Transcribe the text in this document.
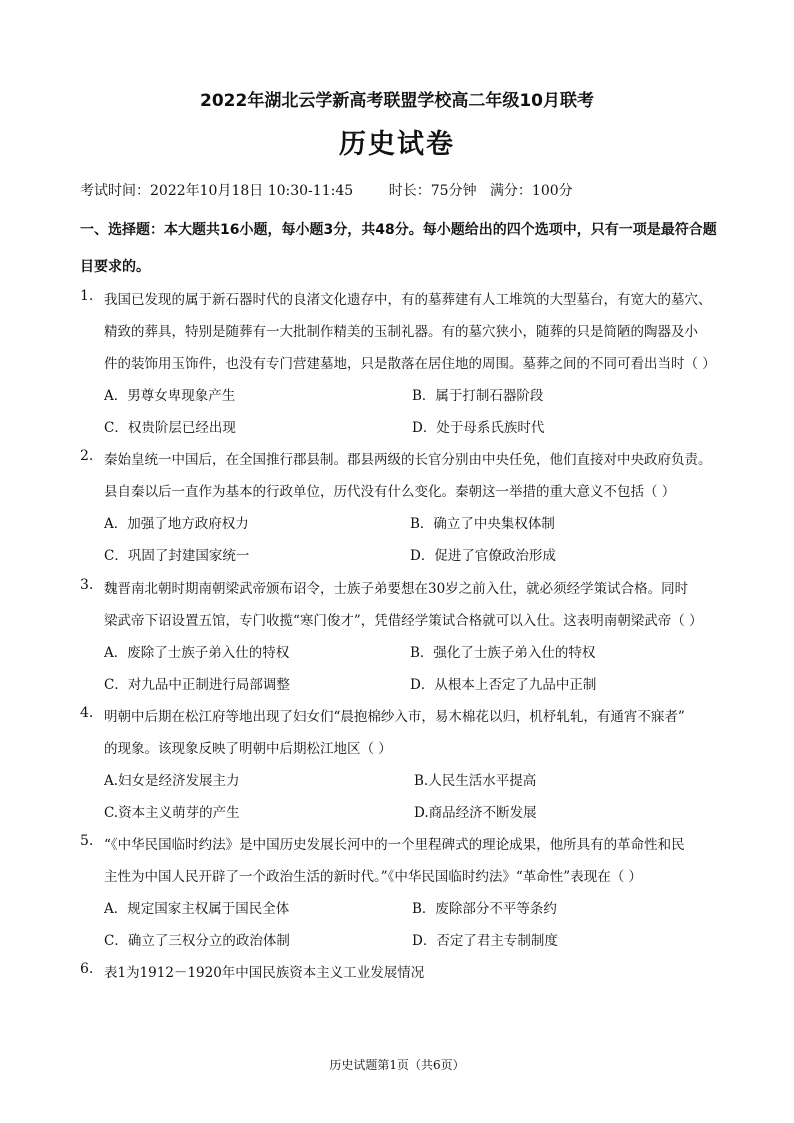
2022年湖北云学新高考联盟学校高二年级10月联考
历史试卷
考试时间：2022年10月18日 10:30-11:45	时长：75分钟 满分：100分
一、选择题：本大题共16小题，每小题3分，共48分。每小题给出的四个选项中，只有一项是最符合题
目要求的。
1. 我国已发现的属于新石器时代的良渚文化遗存中，有的墓葬建有人工堆筑的大型墓台，有宽大的墓穴、
精致的葬具，特别是随葬有一大批制作精美的玉制礼器。有的墓穴狭小，随葬的只是简陋的陶器及小
件的装饰用玉饰件，也没有专门营建墓地，只是散落在居住地的周围。墓葬之间的不同可看出当时（ ）
A．男尊女卑现象产生	B．属于打制石器阶段
C．权贵阶层已经出现	D．处于母系氏族时代
2. 秦始皇统一中国后，在全国推行郡县制。郡县两级的长官分别由中央任免，他们直接对中央政府负责。
县自秦以后一直作为基本的行政单位，历代没有什么变化。秦朝这一举措的重大意义不包括（ ）
A．加强了地方政府权力	B．确立了中央集权体制
C．巩固了封建国家统一	D．促进了官僚政治形成
3. 魏晋南北朝时期南朝梁武帝颁布诏令，士族子弟要想在30岁之前入仕，就必须经学策试合格。同时
梁武帝下诏设置五馆，专门收揽“寒门俊才”，凭借经学策试合格就可以入仕。这表明南朝梁武帝（ ）
A．废除了士族子弟入仕的特权	B．强化了士族子弟入仕的特权
C．对九品中正制进行局部调整	D．从根本上否定了九品中正制
4. 明朝中后期在松江府等地出现了妇女们“晨抱棉纱入市，易木棉花以归，机杼轧轧，有通宵不寐者”
的现象。该现象反映了明朝中后期松江地区（ ）
A.妇女是经济发展主力	B.人民生活水平提高
C.资本主义萌芽的产生	D.商品经济不断发展
5. “《中华民国临时约法》是中国历史发展长河中的一个里程碑式的理论成果，他所具有的革命性和民
主性为中国人民开辟了一个政治生活的新时代。”《中华民国临时约法》“革命性”表现在（ ）
A．规定国家主权属于国民全体	B．废除部分不平等条约
C．确立了三权分立的政治体制	D．否定了君主专制制度
6. 表1为1912－1920年中国民族资本主义工业发展情况
历史试题第1页（共6页）
